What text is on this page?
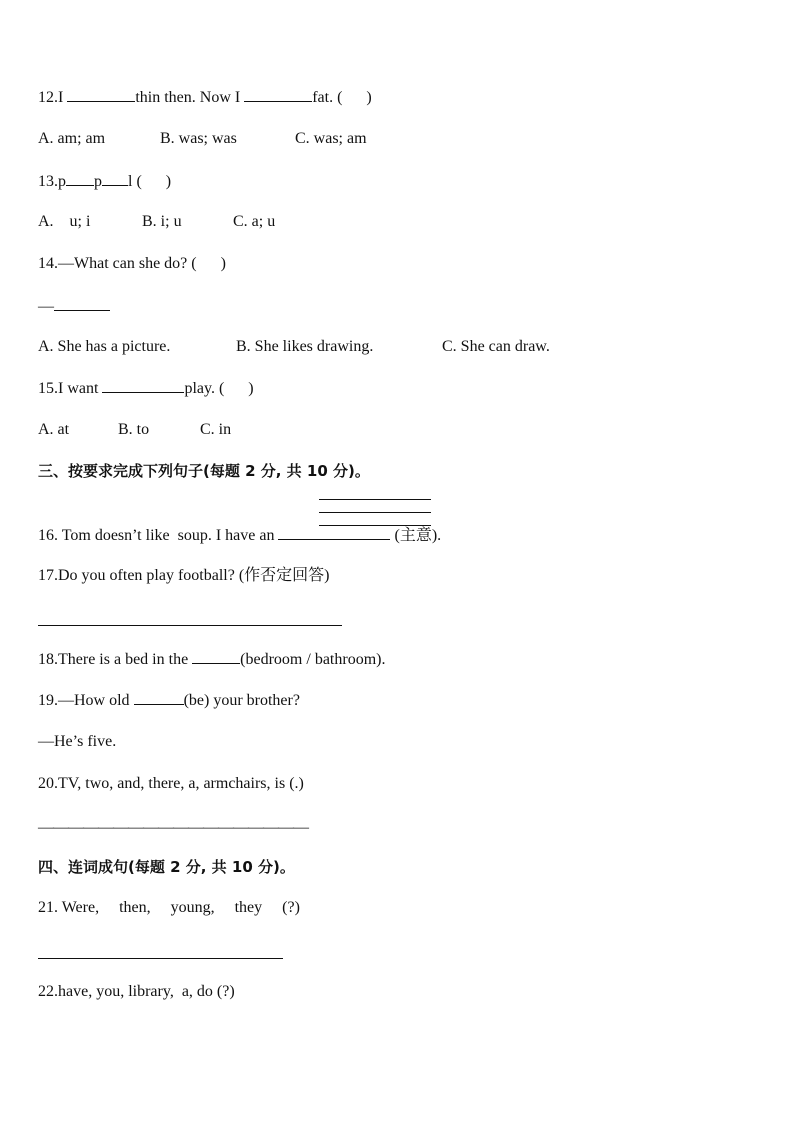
12.I	thin then. Now I	fat. (      )
A. am; am	B. was; was	C. was; am
13.p p l (      )
A.    u; i	B. i; u	C. a; u
14.—What can she do? (      )
—
A. She has a picture.	B. She likes drawing.	C. She can draw.
15.I want	play. (      )
A. at	B. to	C. in
三、按要求完成下列句子(每题 2 分, 共 10 分)。
16. Tom doesn’t like  soup. I have an	(主意).
17.Do you often play football? (作否定回答)
18.There is a bed in the	(bedroom / bathroom).
19.—How old	(be) your brother?
—He’s five.
20.TV, two, and, there, a, armchairs, is (.)
——————————————————
四、连词成句(每题 2 分, 共 10 分)。
21. Were,     then,     young,     they     (?)
22.have, you, library,  a, do (?)
